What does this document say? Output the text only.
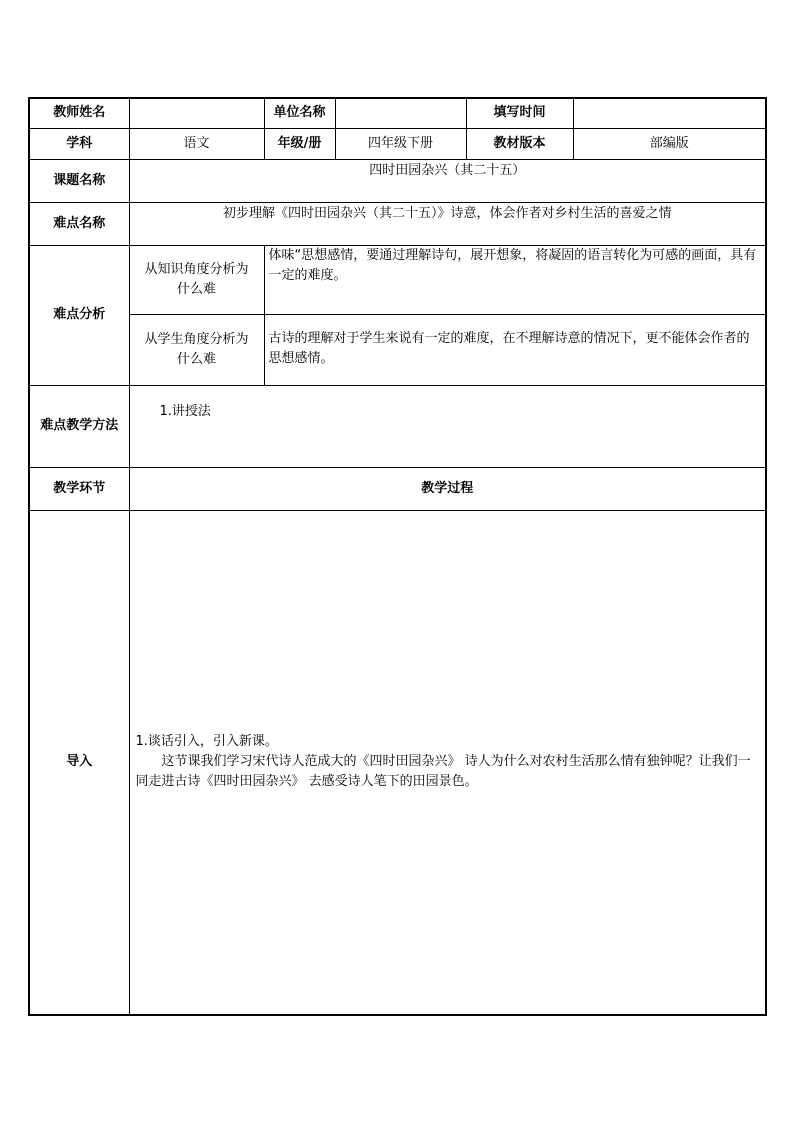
教师姓名		单位名称		填写时间	
学科	语文	年级/册	四年级下册	教材版本	部编版
课题名称	四时田园杂兴（其二十五）				
难点名称	初步理解《四时田园杂兴（其二十五）》诗意，体会作者对乡村生活的喜爱之情				
难点分析	从知识角度分析为什么难	体味“思想感情，要通过理解诗句，展开想象，将凝固的语言转化为可感的画面，具有一定的难度。			
	从学生角度分析为什么难	古诗的理解对于学生来说有一定的难度，在不理解诗意的情况下，更不能体会作者的思想感情。			
难点教学方法	1.讲授法				

教学环节	教学过程				
导入	1.谈话引入，引入新课。
这节课我们学习宋代诗人范成大的《四时田园杂兴》 诗人为什么对农村生活那么情有独钟呢？让我们一同走进古诗《四时田园杂兴》 去感受诗人笔下的田园景色。				
